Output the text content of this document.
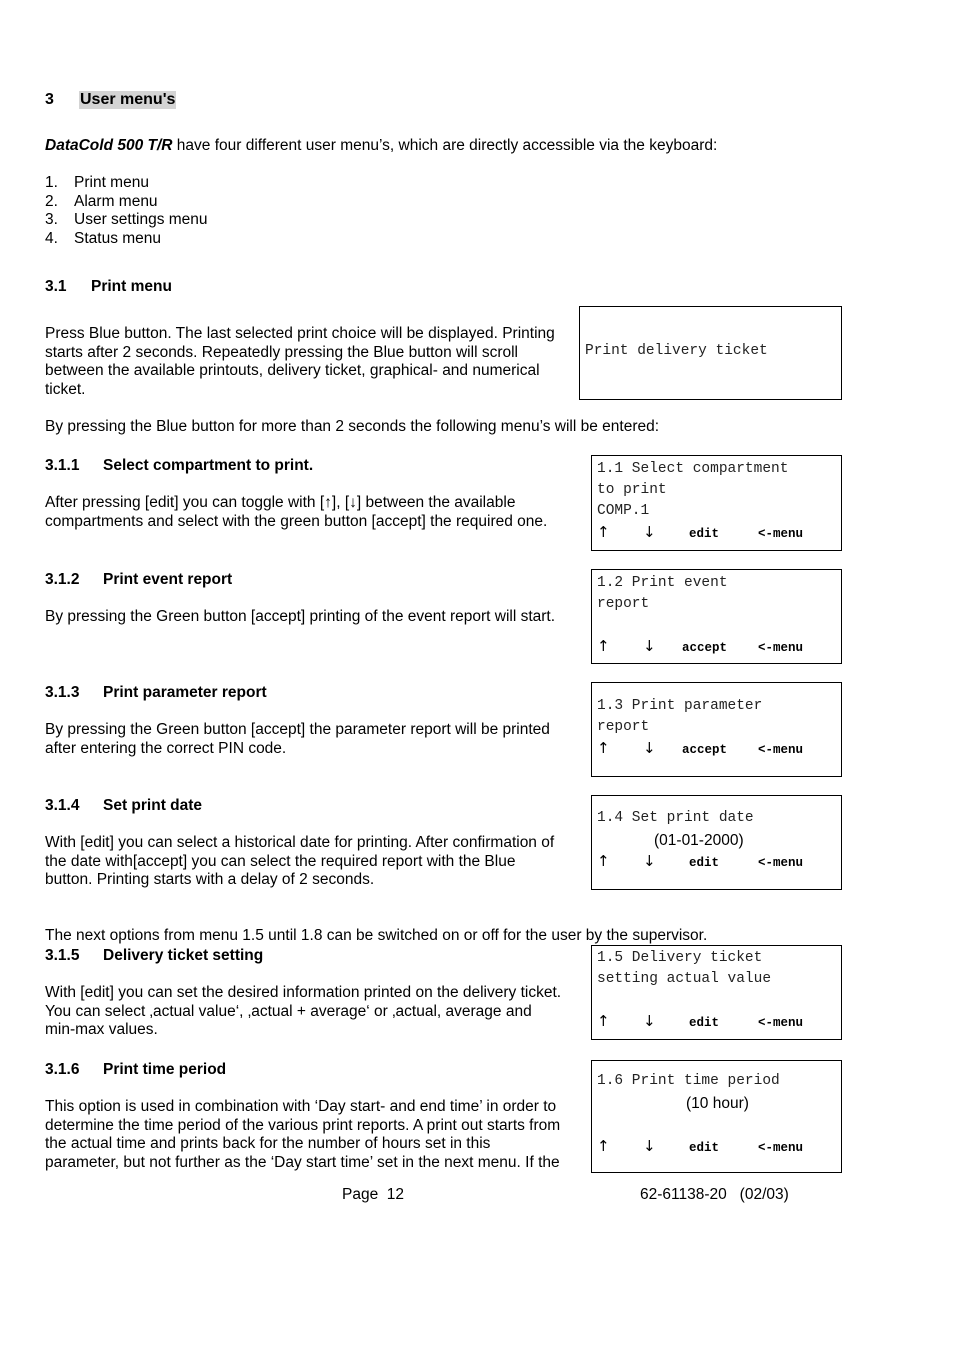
3 User menu's
DataCold 500 T/R have four different user menu’s, which are directly accessible via the keyboard:
1. Print menu
2. Alarm menu
3. User settings menu
4. Status menu
3.1 Print menu
Press Blue button. The last selected print choice will be displayed. Printing
starts after 2 seconds. Repeatedly pressing the Blue button will scroll
between the available printouts, delivery ticket, graphical- and numerical
ticket.
Print delivery ticket
By pressing the Blue button for more than 2 seconds the following menu’s will be entered:
3.1.1 Select compartment to print.
After pressing [edit] you can toggle with [↑], [↓] between the available
compartments and select with the green button [accept] the required one.
1.1 Select compartment
to print
COMP.1
↑ ↓	edit	<-menu
3.1.2 Print event report
By pressing the Green button [accept] printing of the event report will start.
1.2 Print event
report
↑ ↓ accept <-menu
3.1.3 Print parameter report
By pressing the Green button [accept] the parameter report will be printed
after entering the correct PIN code.
1.3 Print parameter
report
↑ ↓ accept <-menu
3.1.4 Set print date
With [edit] you can select a historical date for printing. After confirmation of
the date with[accept] you can select the required report with the Blue
button. Printing starts with a delay of 2 seconds.
1.4 Set print date
(01-01-2000)
↑ ↓	edit	<-menu
The next options from menu 1.5 until 1.8 can be switched on or off for the user by the supervisor.
3.1.5 Delivery ticket setting
With [edit] you can set the desired information printed on the delivery ticket.
You can select ‚actual value‘, ‚actual + average‘ or ‚actual, average and
min-max values.
1.5 Delivery ticket
setting actual value
↑ ↓	edit	<-menu
3.1.6 Print time period
This option is used in combination with ‘Day start- and end time’ in order to
determine the time period of the various print reports. A print out starts from
the actual time and prints back for the number of hours set in this
parameter, but not further as the ‘Day start time’ set in the next menu. If the
1.6 Print time period
(10 hour)
↑ ↓	edit	<-menu
Page  12	62-61138-20   (02/03)
